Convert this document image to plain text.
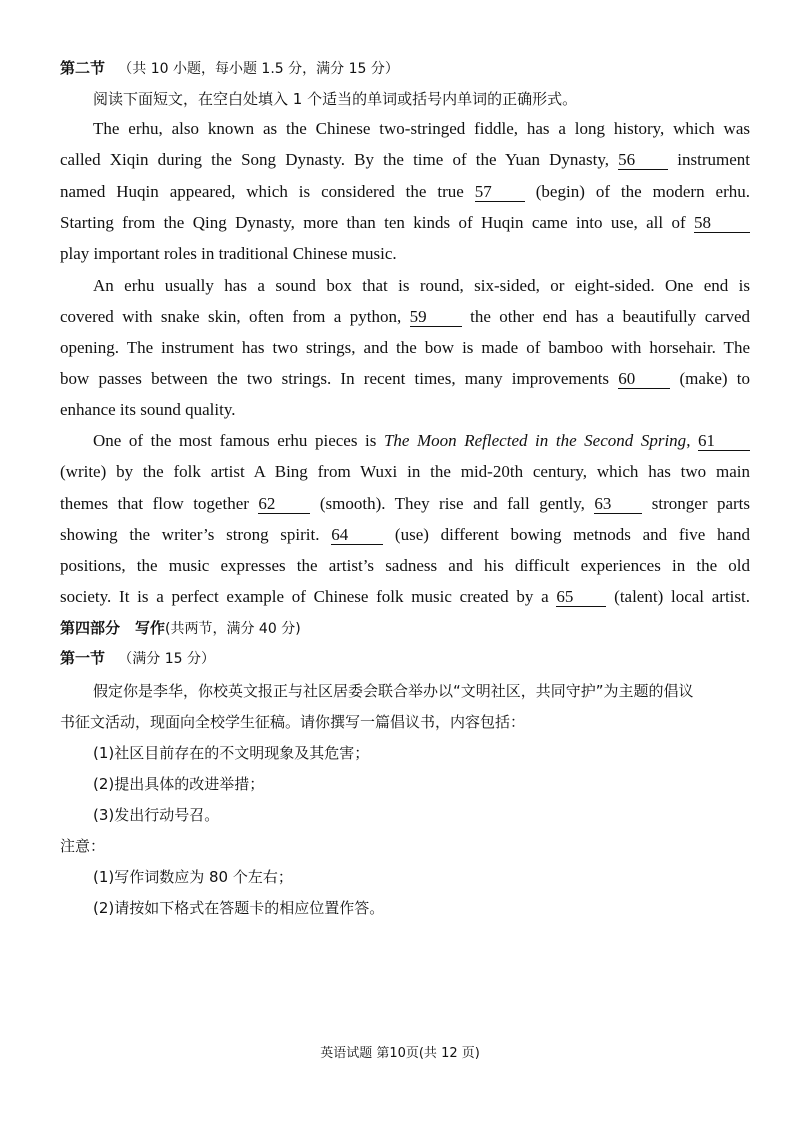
第二节 （共 10 小题，每小题 1.5 分，满分 15 分）
阅读下面短文，在空白处填入 1 个适当的单词或括号内单词的正确形式。
The erhu, also known as the Chinese two-stringed fiddle, has a long history, which was
called Xiqin during the Song Dynasty. By the time of the Yuan Dynasty, 56 instrument
named Huqin appeared, which is considered the true 57	(begin) of the modern erhu.
Starting from the Qing Dynasty, more than ten kinds of Huqin came into use, all of 58
play important roles in traditional Chinese music.
An erhu usually has a sound box that is round, six-sided, or eight-sided. One end is
covered with snake skin, often from a python, 59	the other end has a beautifully carved
opening. The instrument has two strings, and the bow is made of bamboo with horsehair. The
bow passes between the two strings. In recent times, many improvements 60	(make) to
enhance its sound quality.
One of the most famous erhu pieces is The Moon Reflected in the Second Spring, 61
(write) by the folk artist A Bing from Wuxi in the mid-20th century, which has two main
themes that flow together 62	(smooth). They rise and fall gently, 63 stronger parts
showing the writer’s strong spirit. 64	(use) different bowing metnods and five hand
positions, the music expresses the artist’s sadness and his difficult experiences in the old
society. It is a perfect example of Chinese folk music created by a 65 (talent) local artist.
第四部分　写作(共两节，满分 40 分)
第一节 （满分 15 分）
假定你是李华，你校英文报正与社区居委会联合举办以“文明社区，共同守护”为主题的倡议
书征文活动，现面向全校学生征稿。请你撰写一篇倡议书，内容包括：
(1)社区目前存在的不文明现象及其危害；
(2)提出具体的改进举措；
(3)发出行动号召。
注意：
(1)写作词数应为 80 个左右；
(2)请按如下格式在答题卡的相应位置作答。
英语试题 第10页(共 12 页)
